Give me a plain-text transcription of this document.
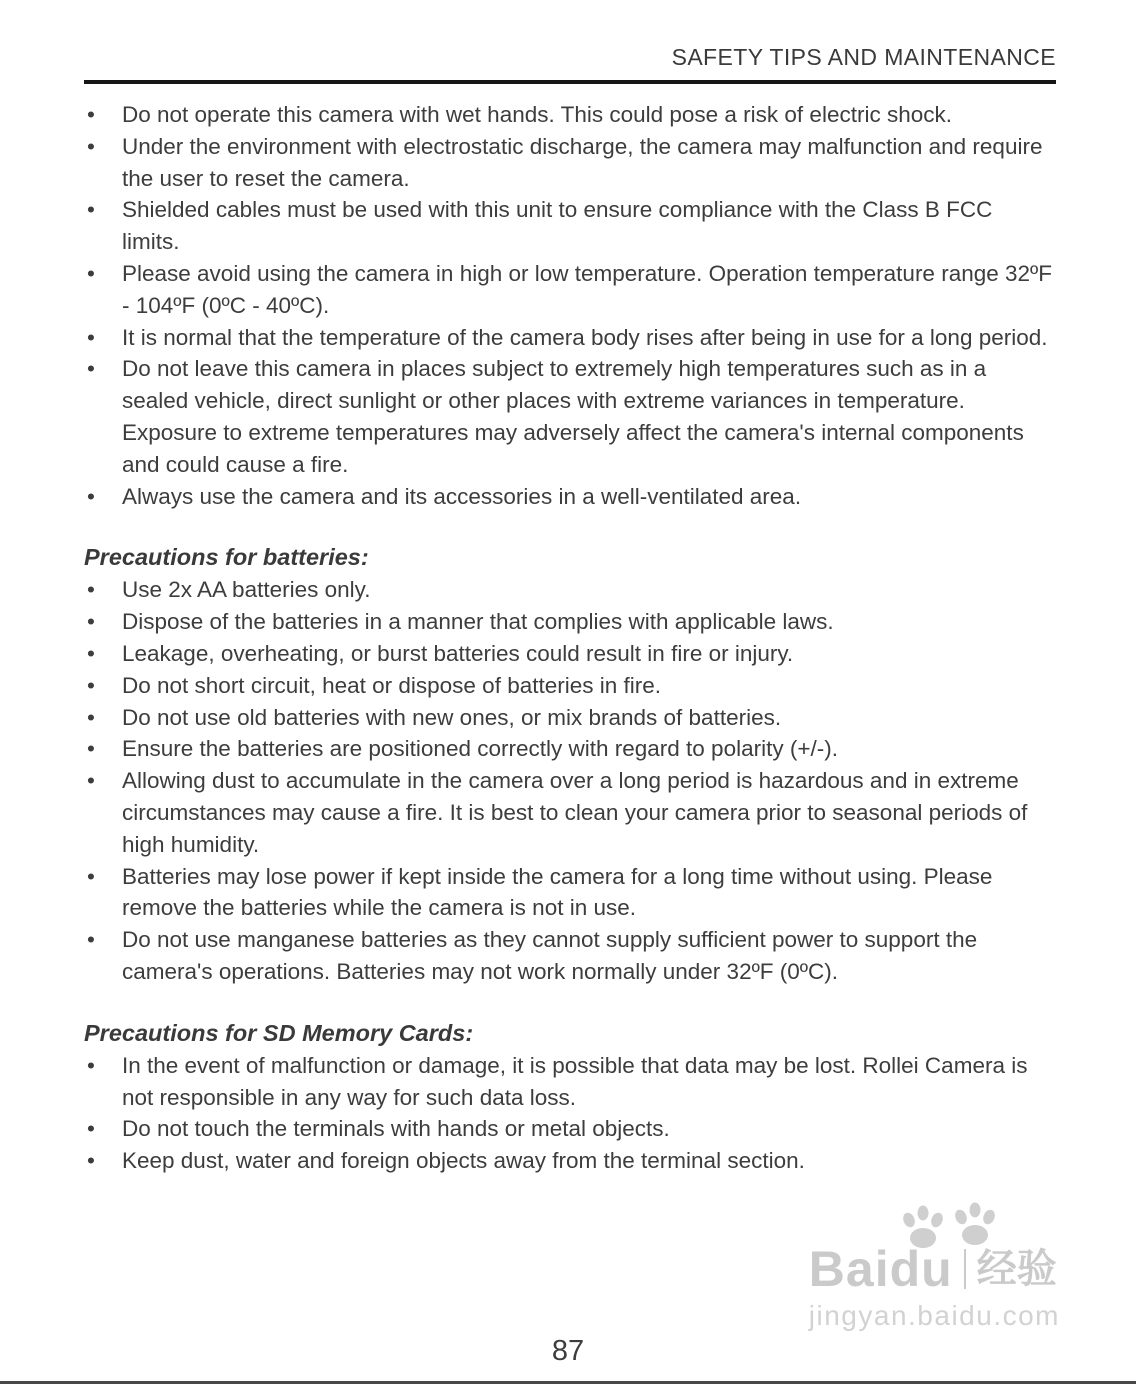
SAFETY TIPS AND MAINTENANCE
• Do not operate this camera with wet hands. This could pose a risk of electric shock.
• Under the environment with electrostatic discharge, the camera may malfunction and require the user to reset the camera.
• Shielded cables must be used with this unit to ensure compliance with the Class B FCC limits.
• Please avoid using the camera in high or low temperature. Operation temperature range 32ºF - 104ºF (0ºC - 40ºC).
• It is normal that the temperature of the camera body rises after being in use for a long period.
• Do not leave this camera in places subject to extremely high temperatures such as in a sealed vehicle, direct sunlight or other places with extreme variances in temperature. Exposure to extreme temperatures may adversely affect the camera's internal components and could cause a fire.
• Always use the camera and its accessories in a well-ventilated area.
Precautions for batteries:
• Use 2x AA batteries only.
• Dispose of the batteries in a manner that complies with applicable laws.
• Leakage, overheating, or burst batteries could result in fire or injury.
• Do not short circuit, heat or dispose of batteries in fire.
• Do not use old batteries with new ones, or mix brands of batteries.
• Ensure the batteries are positioned correctly with regard to polarity (+/-).
• Allowing dust to accumulate in the camera over a long period is hazardous and in extreme circumstances may cause a fire. It is best to clean your camera prior to seasonal periods of high humidity.
• Batteries may lose power if kept inside the camera for a long time without using. Please remove the batteries while the camera is not in use.
• Do not use manganese batteries as they cannot supply sufficient power to support the camera's operations. Batteries may not work normally under 32ºF (0ºC).
Precautions for SD Memory Cards:
• In the event of malfunction or damage, it is possible that data may be lost. Rollei Camera is not responsible in any way for such data loss.
• Do not touch the terminals with hands or metal objects.
• Keep dust, water and foreign objects away from the terminal section.
Baidu 经验
jingyan.baidu.com
87
